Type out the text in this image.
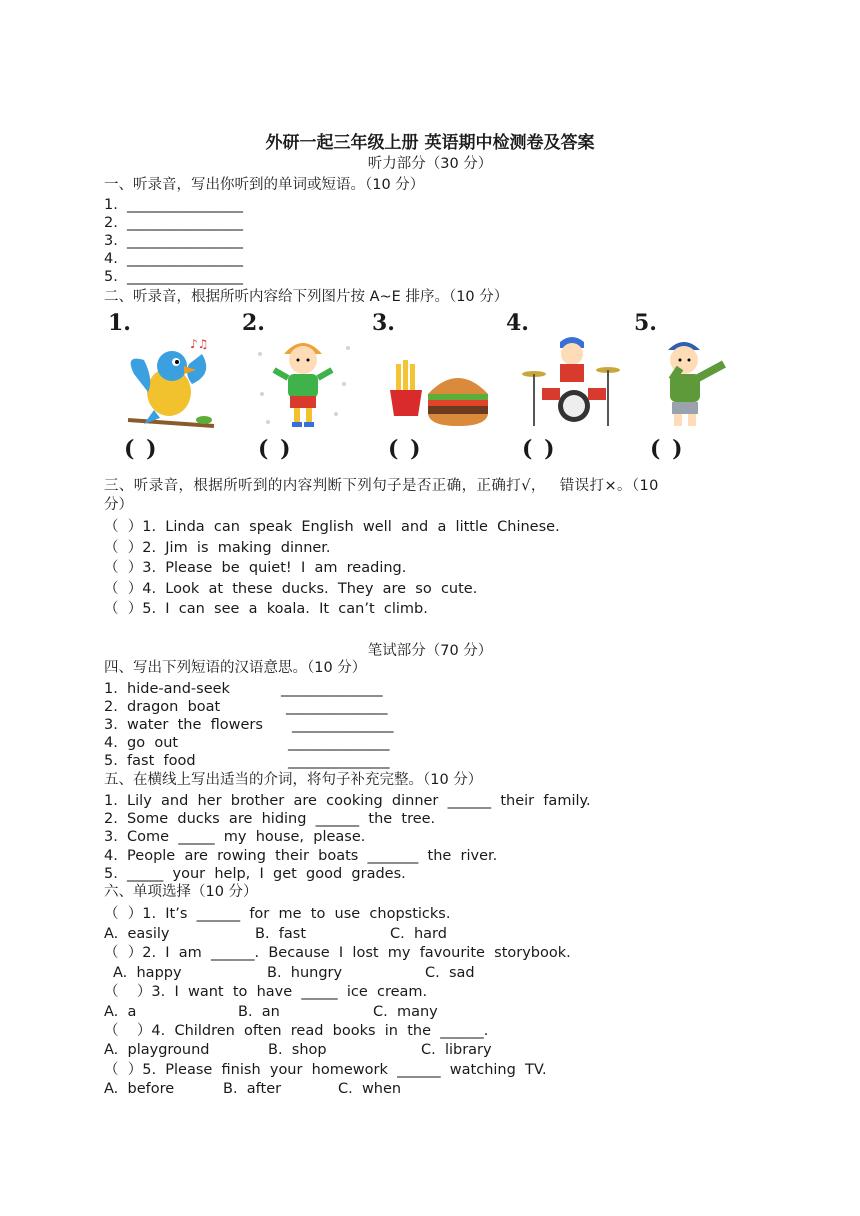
外研一起三年级上册 英语期中检测卷及答案
听力部分（30 分）
一、听录音，写出你听到的单词或短语。（10 分）
1.  ________________
2.  ________________
3.  ________________
4.  ________________
5.  ________________
二、听录音，根据所听内容给下列图片按 A~E 排序。（10 分）
1.
♪♫
( )
2.
( )
3.
( )
4.
( )
5.
( )
三、听录音，根据所听到的内容判断下列句子是否正确，正确打√，  错误打×。（10
分）
（  ）1.  Linda  can  speak  English  well  and  a  little  Chinese.
（  ）2.  Jim  is  making  dinner.
（  ）3.  Please  be  quiet!  I  am  reading.
（  ）4.  Look  at  these  ducks.  They  are  so  cute.
（  ）5.  I  can  see  a  koala.  It  can’t  climb.
笔试部分（70 分）
四、写出下列短语的汉语意思。（10 分）
1.  hide-and-seek	______________
2.  dragon  boat	______________
3.  water  the  flowers ______________
4.  go  out	______________
5.  fast  food	______________
五、在横线上写出适当的介词，将句子补充完整。（10 分）
1.  Lily  and  her  brother  are  cooking  dinner  ______  their  family.
2.  Some  ducks  are  hiding  ______  the  tree.
3.  Come  _____  my  house,  please.
4.  People  are  rowing  their  boats  _______  the  river.
5.  _____  your  help,  I  get  good  grades.
六、单项选择（10 分）
（  ）1.  It’s  ______  for  me  to  use  chopsticks.
A.  easily	B.  fast	C.  hard
（  ）2.  I  am  ______.  Because  I  lost  my  favourite  storybook.
A.  happy	B.  hungry	C.  sad
（    ）3.  I  want  to  have  _____  ice  cream.
A.  a	B.  an	C.  many
（    ）4.  Children  often  read  books  in  the  ______.
A.  playground	B.  shop	C.  library
（  ）5.  Please  finish  your  homework  ______  watching  TV.
A.  before	B.  after	C.  when
